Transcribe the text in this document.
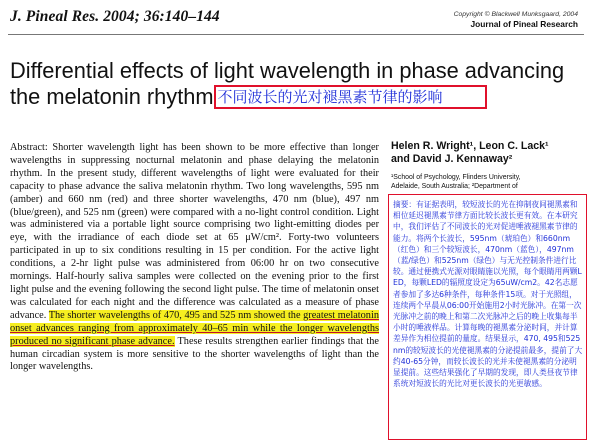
J. Pineal Res. 2004; 36:140–144	Copyright © Blackwell Munksgaard, 2004
Journal of Pineal Research
Differential effects of light wavelength in phase advancing
the melatonin rhythm 不同波长的光对褪黑素节律的影响
Abstract: Shorter wavelength light has been shown to be more effective than longer wavelengths in suppressing nocturnal melatonin and phase delaying the melatonin rhythm. In the present study, different wavelengths of light were evaluated for their capacity to phase advance the saliva melatonin rhythm. Two long wavelengths, 595 nm (amber) and 660 nm (red) and three shorter wavelengths, 470 nm (blue), 497 nm (blue/green), and 525 nm (green) were compared with a no-light control condition. Light was administered via a portable light source comprising two light-emitting diodes per eye, with the irradiance of each diode set at 65 μW/cm². Forty-two volunteers participated in up to six conditions resulting in 15 per condition. For the active light conditions, a 2-hr light pulse was administered from 06:00 hr on two consecutive mornings. Half-hourly saliva samples were collected on the evening prior to the first light pulse and the evening following the second light pulse. The time of melatonin onset was calculated for each night and the difference was calculated as a measure of phase advance. The shorter wavelengths of 470, 495 and 525 nm showed the greatest melatonin onset advances ranging from approximately 40–65 min while the longer wavelengths produced no significant phase advance. These results strengthen earlier findings that the human circadian system is more sensitive to the shorter wavelengths of light than the longer wavelengths.
Helen R. Wright¹, Leon C. Lack¹
and David J. Kennaway²
¹School of Psychology, Flinders University,
Adelaide, South Australia; ²Department of
摘要：有证据表明，较短波长的光在抑制夜间褪黑素和相位延迟褪黑素节律方面比较长波长更有效。在本研究中，我们评估了不同波长的光对促进唾液褪黑素节律的能力。将两个长波长，595nm（琥珀色）和660nm（红色）和三个较短波长，470nm（蓝色），497nm（蓝/绿色）和525nm（绿色）与无光控制条件进行比较。通过便携式光源对眼睛施以光照，每个眼睛用两颗LED，每颗LED的辐照度设定为65uW/cm2。42名志愿者参加了多达6种条件，每种条件15项。对于光照组，连续两个早晨从06:00开始施用2小时光脉冲。在第一次光脉冲之前的晚上和第二次光脉冲之后的晚上收集每半小时的唾液样品。计算每晚的褪黑素分泌时间，并计算差异作为相位提前的量度。结果显示，470, 495和525nm的较短波长的光使褪黑素的分泌提前最多，提前了大约40-65分钟，而较长波长的光并未使褪黑素的分泌明显提前。这些结果强化了早期的发现，即人类昼夜节律系统对短波长的光比对更长波长的光更敏感。
